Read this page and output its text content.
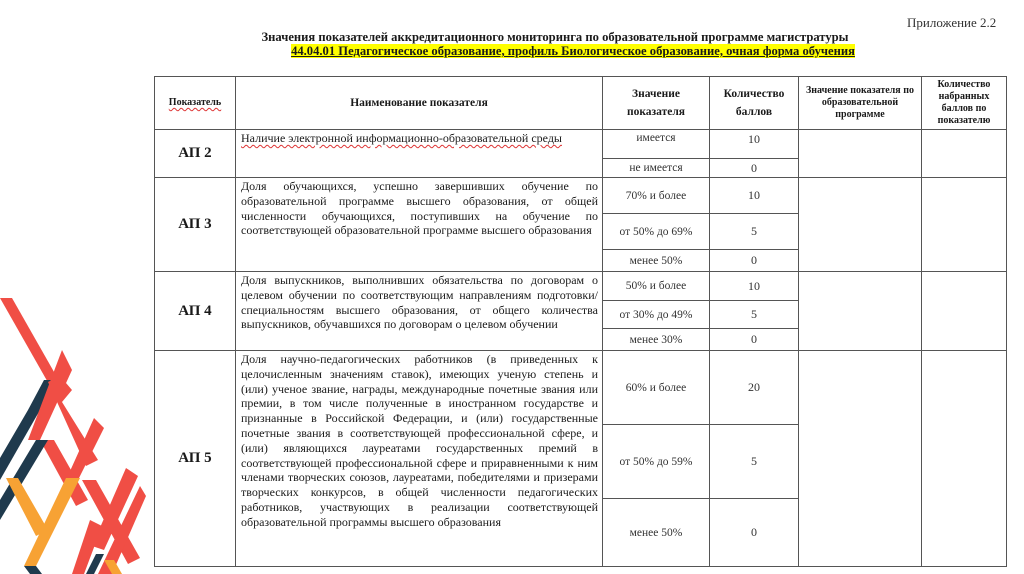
Приложение 2.2
Значения показателей аккредитационного мониторинга по образовательной программе магистратуры
44.04.01 Педагогическое образование, профиль Биологическое образование, очная форма обучения
Показатель	Наименование показателя	Значение показателя	Количество баллов	Значение показателя по образовательной программе	Количество набранных баллов по показателю
АП 2	Наличие электронной информационно-образовательной среды	имеется	10		
		не имеется	0		
АП 3	Доля обучающихся, успешно завершивших обучение по образовательной программе высшего образования, от общей численности обучающихся, поступивших на обучение по соответствующей образовательной программе высшего образования	70% и более	10		
		от 50% до 69%	5		
		менее 50%	0		
АП 4	Доля выпускников, выполнивших обязательства по договорам о целевом обучении по соответствующим направлениям подготовки/специальностям высшего образования, от общего количества выпускников, обучавшихся по договорам о целевом обучении	50% и более	10		
		от 30% до 49%	5		
		менее 30%	0		
АП 5	Доля научно-педагогических работников (в приведенных к целочисленным значениям ставок), имеющих ученую степень и (или) ученое звание, награды, международные почетные звания или премии, в том числе полученные в иностранном государстве и признанные в Российской Федерации, и (или) государственные почетные звания в соответствующей профессиональной сфере, и (или) являющихся лауреатами государственных премий в соответствующей профессиональной сфере и приравненными к ним членами творческих союзов, лауреатами, победителями и призерами творческих конкурсов, в общей численности педагогических работников, участвующих в реализации соответствующей образовательной программы высшего образования	60% и более	20		
		от 50% до 59%	5		
		менее 50%	0		
